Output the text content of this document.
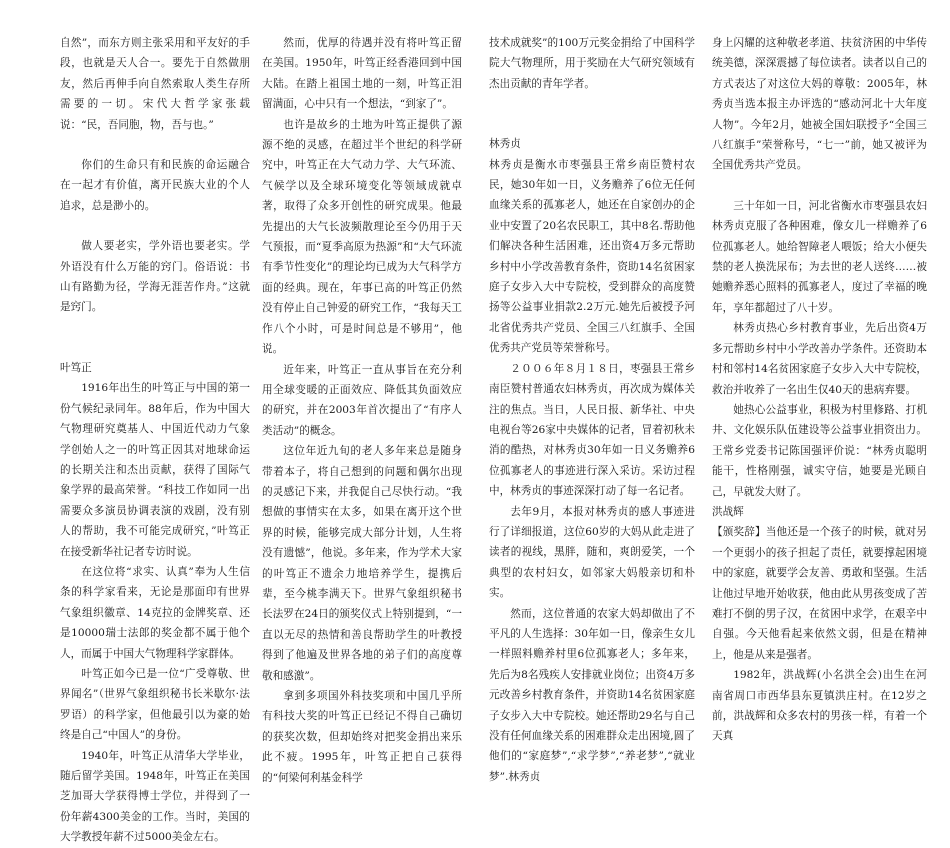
自然”，而东方则主张采用和平友好的手段，也就是天人合一。要先于自然做朋友，然后再伸手向自然索取人类生存所需要的一切。宋代大哲学家张载说：“民，吾同胞，物，吾与也。”

你们的生命只有和民族的命运融合在一起才有价值，离开民族大业的个人追求，总是渺小的。

做人要老实，学外语也要老实。学外语没有什么万能的窍门。俗语说：书山有路勤为径，学海无涯苦作舟。”这就是窍门。

叶笃正

1916年出生的叶笃正与中国的第一份气候纪录同年。88年后，作为中国大气物理研究奠基人、中国近代动力气象学创始人之一的叶笃正因其对地球命运的长期关注和杰出贡献，获得了国际气象学界的最高荣誉。“科技工作如同一出需要众多演员协调表演的戏剧，没有别人的帮助，我不可能完成研究，”叶笃正在接受新华社记者专访时说。

在这位将“求实、认真”奉为人生信条的科学家看来，无论是那面印有世界气象组织徽章、14克拉的金牌奖章、还是10000瑞士法郎的奖金都不属于他个人，而属于中国大气物理科学家群体。

叶笃正如今已是一位“广受尊敬、世界闻名”（世界气象组织秘书长米歇尔·法罗语）的科学家，但他最引以为豪的始终是自己“中国人”的身份。

1940年，叶笃正从清华大学毕业，随后留学美国。1948年，叶笃正在美国芝加哥大学获得博士学位，并得到了一份年薪4300美金的工作。当时，美国的大学教授年薪不过5000美金左右。

然而，优厚的待遇并没有将叶笃正留在美国。1950年，叶笃正经香港回到中国大陆。在踏上祖国土地的一刻，叶笃正泪留满面，心中只有一个想法，“到家了”。

也许是故乡的土地为叶笃正提供了源源不绝的灵感，在超过半个世纪的科学研究中，叶笃正在大气动力学、大气环流、气候学以及全球环境变化等领域成就卓著，取得了众多开创性的研究成果。他最先提出的大气长波频散理论至今仍用于天气预报，而“夏季高原为热源”和“大气环流有季节性变化”的理论均已成为大气科学方面的经典。现在，年事已高的叶笃正仍然没有停止自己钟爱的研究工作，“我每天工作八个小时，可是时间总是不够用”，他说。

近年来，叶笃正一直从事旨在充分利用全球变暖的正面效应、降低其负面效应的研究，并在2003年首次提出了“有序人类活动”的概念。

这位年近九旬的老人多年来总是随身带着本子，将自己想到的问题和偶尔出现的灵感记下来，并我促自己尽快行动。“我想做的事情实在太多，如果在离开这个世界的时候，能够完成大部分计划，人生将没有遗憾”，他说。多年来，作为学术大家的叶笃正不遗余力地培养学生，提携后辈，至今桃李满天下。世界气象组织秘书长法罗在24日的颁奖仪式上特别提到，“一直以无尽的热情和善良帮助学生的叶教授得到了他遍及世界各地的弟子们的高度尊敬和感激”。

拿到多项国外科技奖项和中国几乎所有科技大奖的叶笃正已经记不得自己确切的获奖次数，但却始终对把奖金捐出来乐此不疲。1995年，叶笃正把自己获得的“何梁何利基金科学

技术成就奖”的100万元奖金捐给了中国科学院大气物理所，用于奖励在大气研究领域有杰出贡献的青年学者。

林秀贞

林秀贞是衡水市枣强县王常乡南臣赞村农民，她30年如一日，义务赡养了6位无任何血缘关系的孤寡老人，她还在自家创办的企业中安置了20名农民职工，其中8名.帮助他们解决各种生活困难，还出资4万多元帮助乡村中小学改善教育条件，资助14名贫困家庭子女步入大中专院校，受到群众的高度赞扬等公益事业捐款2.2万元.她先后被授予河北省优秀共产党员、全国三八红旗手、全国优秀共产党员等荣誉称号。

２００６年８月１８日，枣强县王常乡南臣赞村普通农妇林秀贞，再次成为媒体关注的焦点。当日，人民日报、新华社、中央电视台等26家中央媒体的记者，冒着初秋未消的酷热，对林秀贞30年如一日义务赡养6位孤寡老人的事迹进行深入采访。采访过程中，林秀贞的事迹深深打动了每一名记者。

去年9月，本报对林秀贞的感人事迹进行了详细报道，这位60岁的大妈从此走进了读者的视线，黑胖，随和，爽朗爱笑，一个典型的农村妇女，如邻家大妈般亲切和朴实。

然而，这位普通的农家大妈却做出了不平凡的人生选择：30年如一日，像亲生女儿一样照料赡养村里6位孤寡老人；多年来，先后为8名残疾人安排就业岗位；出资4万多元改善乡村教育条件，并资助14名贫困家庭子女步入大中专院校。她还帮助29名与自己没有任何血缘关系的困难群众走出困境,圆了他们的“家庭梦”,“求学梦”,“养老梦”,“就业梦”.林秀贞

身上闪耀的这种敬老孝道、扶贫济困的中华传统美德，深深震撼了每位读者。读者以自己的方式表达了对这位大妈的尊敬：2005年，林秀贞当选本报主办评选的“感动河北十大年度人物”。今年2月，她被全国妇联授予“全国三八红旗手”荣誉称号，“七一”前，她又被评为全国优秀共产党员。

三十年如一日，河北省衡水市枣强县农妇林秀贞克服了各种困难，像女儿一样赡养了6位孤寡老人。她给智障老人喂饭；给大小便失禁的老人换洗尿布；为去世的老人送终……被她赡养悉心照料的孤寡老人，度过了幸福的晚年，享年都超过了八十岁。

林秀贞热心乡村教育事业，先后出资4万多元帮助乡村中小学改善办学条件。还资助本村和邻村14名贫困家庭子女步入大中专院校，救治并收养了一名出生仅40天的患病弃婴。

她热心公益事业，积极为村里修路、打机井、文化娱乐队伍建设等公益事业捐资出力。王常乡党委书记陈国强评价说：“林秀贞聪明能干，性格刚强，诚实守信，她要是光顾自己，早就发大财了。

洪战辉

【颁奖辞】当他还是一个孩子的时候，就对另一个更弱小的孩子担起了责任，就要撑起困境中的家庭，就要学会友善、勇敢和坚强。生活让他过早地开始收获，他由此从男孩变成了苦难打不倒的男子汉，在贫困中求学，在艰辛中自强。今天他看起来依然文弱，但是在精神上，他是从来是强者。

1982年，洪战辉(小名洪全会)出生在河南省周口市西华县东夏镇洪庄村。在12岁之前，洪战辉和众多农村的男孩一样，有着一个天真
